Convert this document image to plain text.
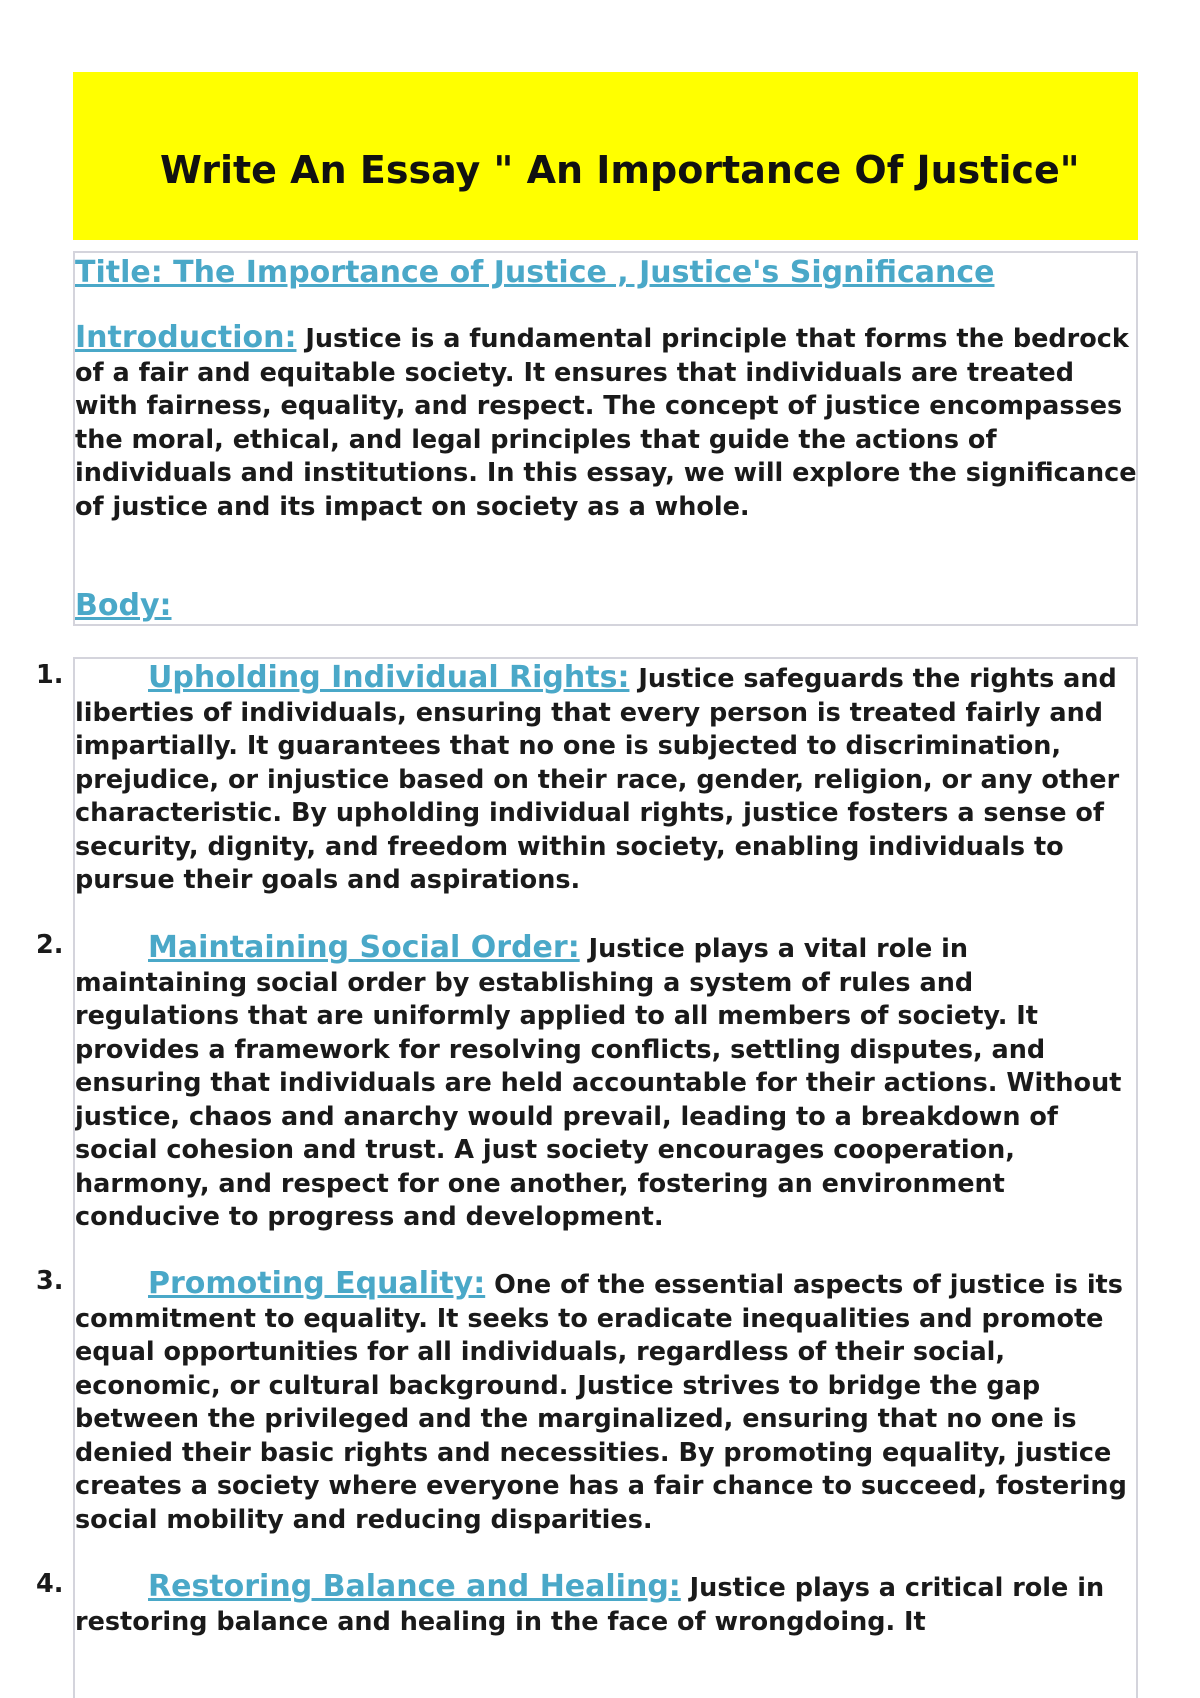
Write An Essay " An Importance Of Justice"
Title: The Importance of Justice , Justice's Significance

Introduction: Justice is a fundamental principle that forms the bedrock of a fair and equitable society. It ensures that individuals are treated with fairness, equality, and respect. The concept of justice encompasses the moral, ethical, and legal principles that guide the actions of individuals and institutions. In this essay, we will explore the significance of justice and its impact on society as a whole.

Body:
1.
2.
3.
4.
Upholding Individual Rights: Justice safeguards the rights and liberties of individuals, ensuring that every person is treated fairly and impartially. It guarantees that no one is subjected to discrimination, prejudice, or injustice based on their race, gender, religion, or any other characteristic. By upholding individual rights, justice fosters a sense of security, dignity, and freedom within society, enabling individuals to pursue their goals and aspirations.
Maintaining Social Order: Justice plays a vital role in maintaining social order by establishing a system of rules and regulations that are uniformly applied to all members of society. It provides a framework for resolving conflicts, settling disputes, and ensuring that individuals are held accountable for their actions. Without justice, chaos and anarchy would prevail, leading to a breakdown of social cohesion and trust. A just society encourages cooperation, harmony, and respect for one another, fostering an environment conducive to progress and development.
Promoting Equality: One of the essential aspects of justice is its commitment to equality. It seeks to eradicate inequalities and promote equal opportunities for all individuals, regardless of their social, economic, or cultural background. Justice strives to bridge the gap between the privileged and the marginalized, ensuring that no one is denied their basic rights and necessities. By promoting equality, justice creates a society where everyone has a fair chance to succeed, fostering social mobility and reducing disparities.
Restoring Balance and Healing: Justice plays a critical role in restoring balance and healing in the face of wrongdoing. It
